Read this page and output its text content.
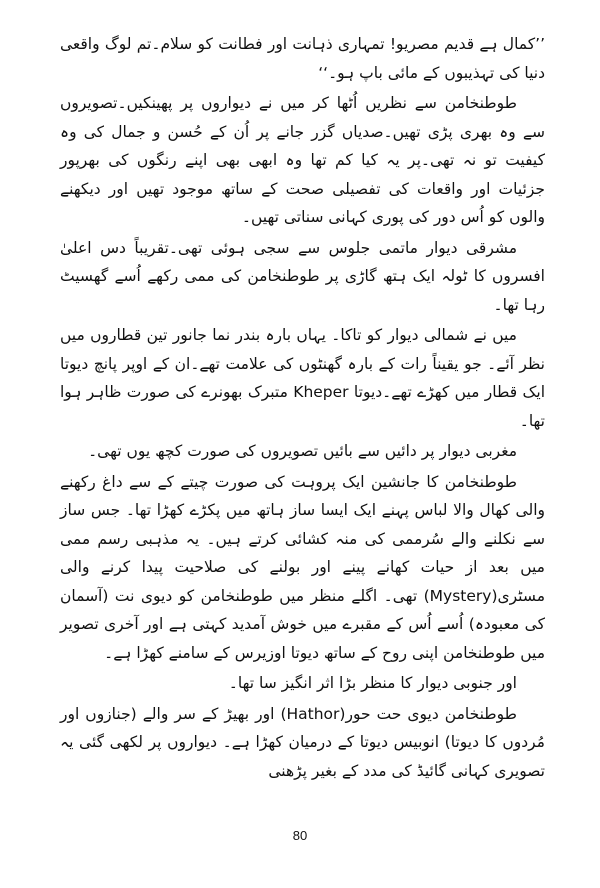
’’کمال ہے قدیم مصریو! تمہاری ذہانت اور فطانت کو سلام۔تم لوگ واقعی دنیا کی تہذیبوں کے مائی باپ ہو۔‘‘

طوطنخامن سے نظریں اُٹھا کر میں نے دیواروں پر پھینکیں۔تصویروں سے وہ بھری پڑی تھیں۔صدیاں گزر جانے پر اُن کے حُسن و جمال کی وہ کیفیت تو نہ تھی۔پر یہ کیا کم تھا وہ ابھی بھی اپنے رنگوں کی بھرپور جزئیات اور واقعات کی تفصیلی صحت کے ساتھ موجود تھیں اور دیکھنے والوں کو اُس دور کی پوری کہانی سناتی تھیں۔

مشرقی دیوار ماتمی جلوس سے سجی ہوئی تھی۔تقریباً دس اعلیٰ افسروں کا ٹولہ ایک ہتھ گاڑی پر طوطنخامن کی ممی رکھے اُسے گھسیٹ رہا تھا۔

میں نے شمالی دیوار کو تاکا۔ یہاں بارہ بندر نما جانور تین قطاروں میں نظر آئے۔ جو یقیناً رات کے بارہ گھنٹوں کی علامت تھے۔ان کے اوپر پانچ دیوتا ایک قطار میں کھڑے تھے۔دیوتا Kheper متبرک بھونرے کی صورت ظاہر ہوا تھا۔

مغربی دیوار پر دائیں سے بائیں تصویروں کی صورت کچھ یوں تھی۔

طوطنخامن کا جانشین ایک پروہت کی صورت چیتے کے سے داغ رکھنے والی کھال والا لباس پہنے ایک ایسا ساز ہاتھ میں پکڑے کھڑا تھا۔ جس ساز سے نکلنے والے سُرممی کی منہ کشائی کرتے ہیں۔ یہ مذہبی رسم ممی میں بعد از حیات کھانے پینے اور بولنے کی صلاحیت پیدا کرنے والی مسٹری(Mystery) تھی۔ اگلے منظر میں طوطنخامن کو دیوی نت (آسمان کی معبودہ) اُسے اُس کے مقبرے میں خوش آمدید کہتی ہے اور آخری تصویر میں طوطنخامن اپنی روح کے ساتھ دیوتا اوزیرس کے سامنے کھڑا ہے۔

اور جنوبی دیوار کا منظر بڑا اثر انگیز سا تھا۔

طوطنخامن دیوی حت حور(Hathor) اور بھیڑ کے سر والے (جنازوں اور مُردوں کا دیوتا) انوبیس دیوتا کے درمیان کھڑا ہے۔ دیواروں پر لکھی گئی یہ تصویری کہانی گائیڈ کی مدد کے بغیر پڑھنی

80
